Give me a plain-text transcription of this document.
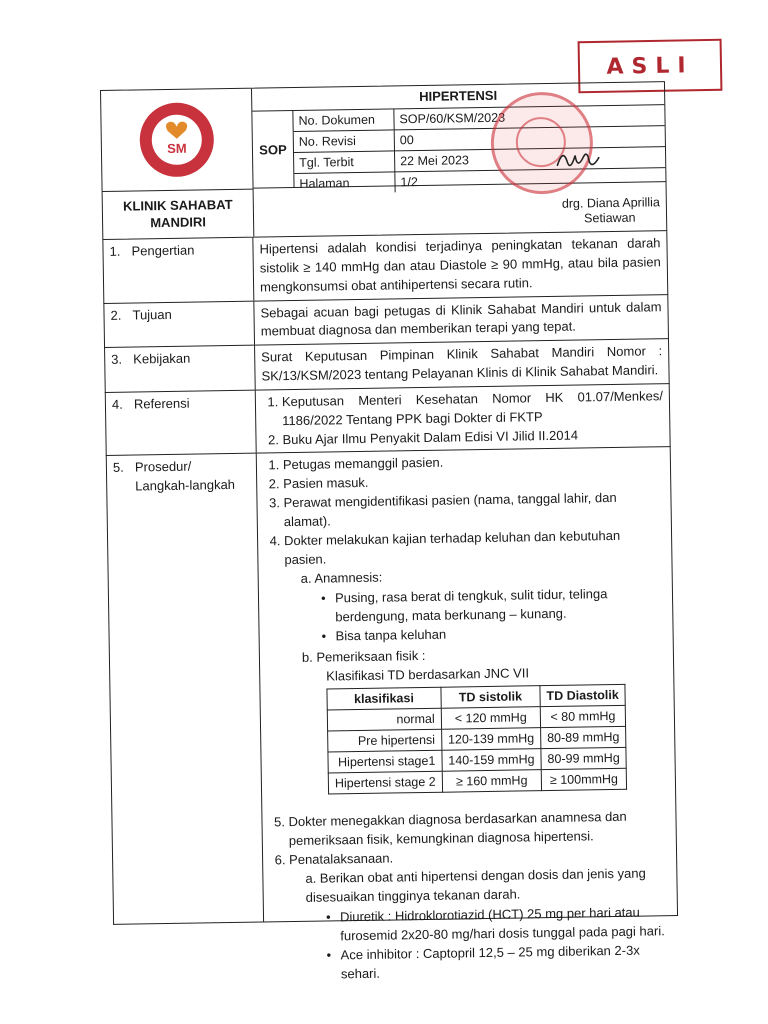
ASLI
SM
KLINIK SAHABAT MANDIRI
HIPERTENSI
SOP
No. Dokumen	SOP/60/KSM/2023
No. Revisi	00
Tgl. Terbit	22 Mei 2023
Halaman	1/2
drg. Diana Aprillia
Setiawan
1. Pengertian	Hipertensi adalah kondisi terjadinya peningkatan tekanan darah sistolik ≥ 140 mmHg dan atau Diastole ≥ 90 mmHg, atau bila pasien mengkonsumsi obat antihipertensi secara rutin.
2. Tujuan	Sebagai acuan bagi petugas di Klinik Sahabat Mandiri untuk dalam membuat diagnosa dan memberikan terapi yang tepat.
3. Kebijakan	Surat Keputusan Pimpinan Klinik Sahabat Mandiri Nomor : SK/13/KSM/2023 tentang Pelayanan Klinis di Klinik Sahabat Mandiri.
4. Referensi	1. Keputusan Menteri Kesehatan Nomor HK 01.07/Menkes/ 1186/2022 Tentang PPK bagi Dokter di FKTP
2. Buku Ajar Ilmu Penyakit Dalam Edisi VI Jilid II.2014
5. Prosedur/ Langkah-langkah
1. Petugas memanggil pasien.
2. Pasien masuk.
3. Perawat mengidentifikasi pasien (nama, tanggal lahir, dan alamat).
4. Dokter melakukan kajian terhadap keluhan dan kebutuhan pasien.
a. Anamnesis:
• Pusing, rasa berat di tengkuk, sulit tidur, telinga berdengung, mata berkunang – kunang.
• Bisa tanpa keluhan
b. Pemeriksaan fisik :
Klasifikasi TD berdasarkan JNC VII
klasifikasi	TD sistolik	TD Diastolik
normal	< 120 mmHg	< 80 mmHg
Pre hipertensi	120-139 mmHg	80-89 mmHg
Hipertensi stage1	140-159 mmHg	80-99 mmHg
Hipertensi stage 2	≥ 160 mmHg	≥ 100mmHg
5. Dokter menegakkan diagnosa berdasarkan anamnesa dan pemeriksaan fisik, kemungkinan diagnosa hipertensi.
6. Penatalaksanaan.
a. Berikan obat anti hipertensi dengan dosis dan jenis yang disesuaikan tingginya tekanan darah.
• Diuretik : Hidroklorotiazid (HCT) 25 mg per hari atau furosemid 2x20-80 mg/hari dosis tunggal pada pagi hari.
• Ace inhibitor : Captopril 12,5 – 25 mg diberikan 2-3x sehari.
